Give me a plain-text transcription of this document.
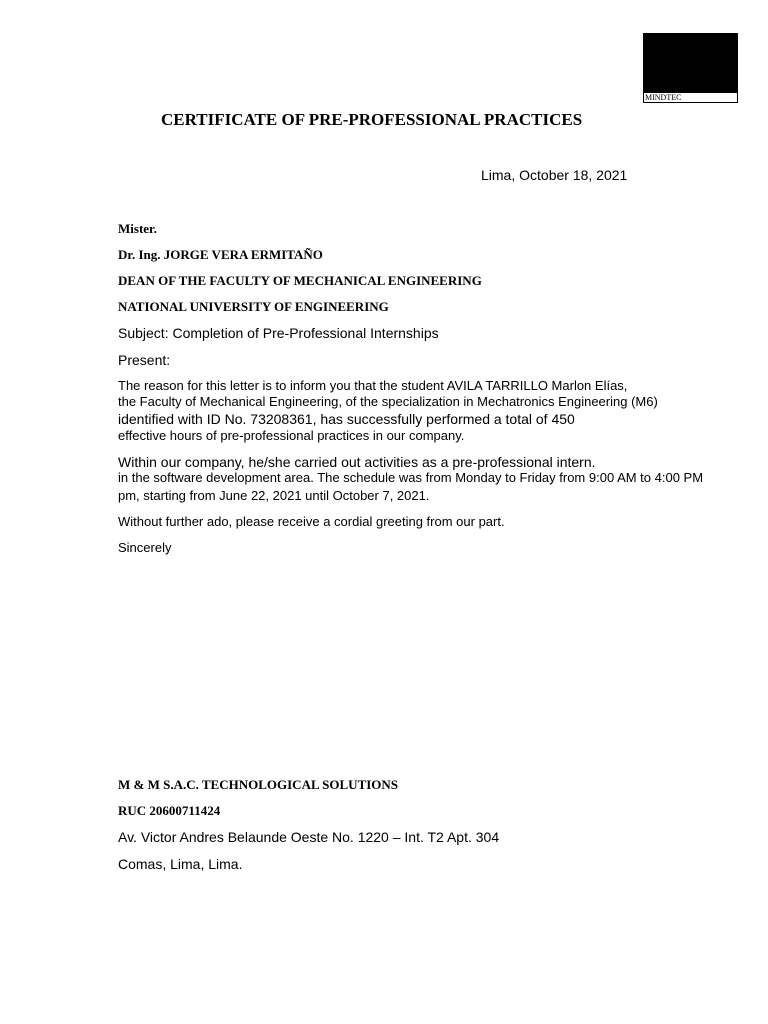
MINDTEC
CERTIFICATE OF PRE-PROFESSIONAL PRACTICES
Lima, October 18, 2021
Mister.
Dr. Ing. JORGE VERA ERMITAÑO
DEAN OF THE FACULTY OF MECHANICAL ENGINEERING
NATIONAL UNIVERSITY OF ENGINEERING
Subject: Completion of Pre-Professional Internships
Present:
The reason for this letter is to inform you that the student AVILA TARRILLO Marlon Elías,
the Faculty of Mechanical Engineering, of the specialization in Mechatronics Engineering (M6)
identified with ID No. 73208361, has successfully performed a total of 450
effective hours of pre-professional practices in our company.
Within our company, he/she carried out activities as a pre-professional intern.
in the software development area. The schedule was from Monday to Friday from 9:00 AM to 4:00 PM
pm, starting from June 22, 2021 until October 7, 2021.
Without further ado, please receive a cordial greeting from our part.
Sincerely
M & M S.A.C. TECHNOLOGICAL SOLUTIONS
RUC 20600711424
Av. Victor Andres Belaunde Oeste No. 1220 – Int. T2 Apt. 304
Comas, Lima, Lima.
